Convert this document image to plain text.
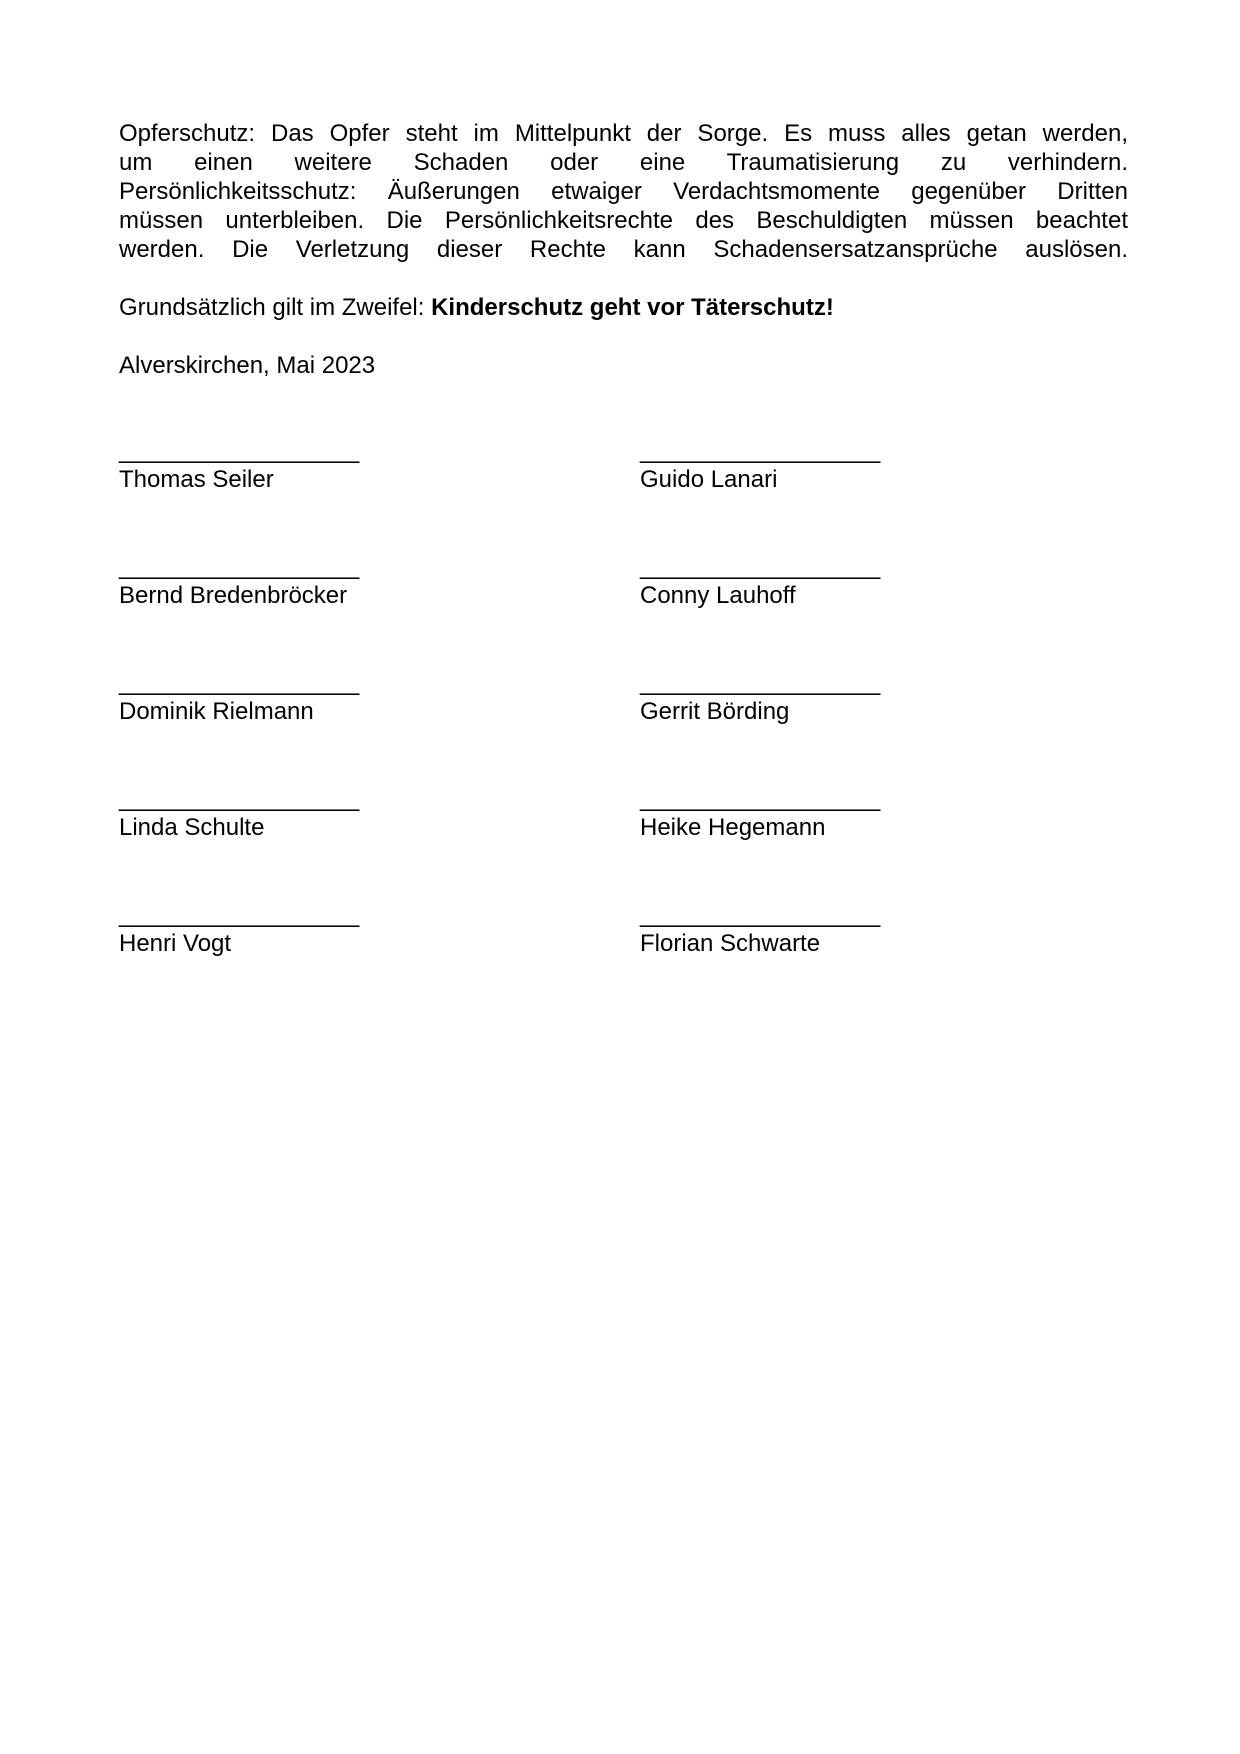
Opferschutz: Das Opfer steht im Mittelpunkt der Sorge. Es muss alles getan werden,
um einen weitere Schaden oder eine Traumatisierung zu verhindern.
Persönlichkeitsschutz: Äußerungen etwaiger Verdachtsmomente gegenüber Dritten
müssen unterbleiben. Die Persönlichkeitsrechte des Beschuldigten müssen beachtet
werden. Die Verletzung dieser Rechte kann Schadensersatzansprüche auslösen.

Grundsätzlich gilt im Zweifel: Kinderschutz geht vor Täterschutz!

Alverskirchen, Mai 2023

__________________
Thomas Seiler
__________________
Guido Lanari
__________________
Bernd Bredenbröcker
__________________
Conny Lauhoff
__________________
Dominik Rielmann
__________________
Gerrit Börding
__________________
Linda Schulte
__________________
Heike Hegemann
__________________
Henri Vogt
__________________
Florian Schwarte
